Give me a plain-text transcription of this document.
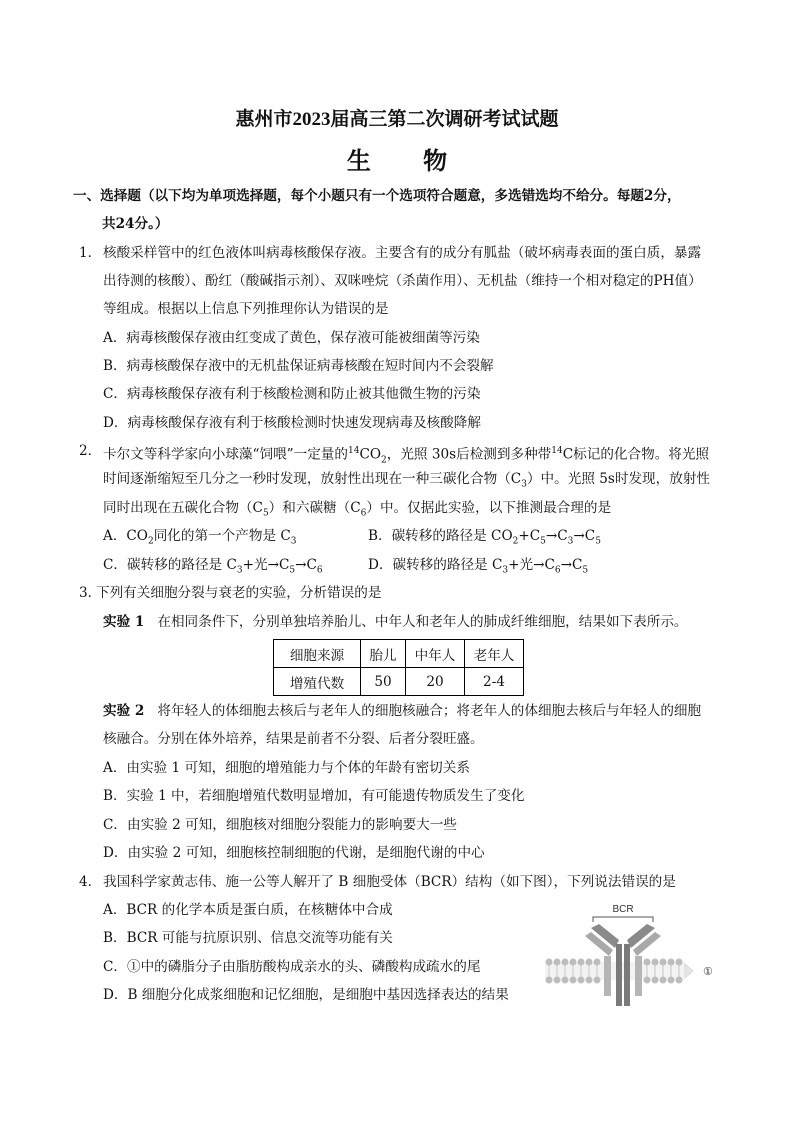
惠州市2023届高三第二次调研考试试题
生 物
一、选择题（以下均为单项选择题，每个小题只有一个选项符合题意，多选错选均不给分。每题2分，
共24分。）
1． 核酸采样管中的红色液体叫病毒核酸保存液。主要含有的成分有胍盐（破坏病毒表面的蛋白质，暴露
出待测的核酸）、酚红（酸碱指示剂）、双咪唑烷（杀菌作用）、无机盐（维持一个相对稳定的PH值）
等组成。根据以上信息下列推理你认为错误的是
A．病毒核酸保存液由红变成了黄色，保存液可能被细菌等污染
B．病毒核酸保存液中的无机盐保证病毒核酸在短时间内不会裂解
C．病毒核酸保存液有利于核酸检测和防止被其他微生物的污染
D．病毒核酸保存液有利于核酸检测时快速发现病毒及核酸降解
2． 卡尔文等科学家向小球藻“饲喂”一定量的$^{14}CO_2$，光照 30s后检测到多种带$^{14}$C标记的化合物。将光照
时间逐渐缩短至几分之一秒时发现，放射性出现在一种三碳化合物$(C_3)$中。光照 5s时发现，放射性
同时出现在五碳化合物$(C_5)$和六碳糖$(C_6)$中。仅据此实验，以下推测最合理的是
A．$CO_2$同化的第一个产物是 $C_3$	B．碳转移的路径是 $CO_2+C_5\to C_3\to C_5$
C．碳转移的路径是 $C_3+$光$\to C_5\to C_6$	D．碳转移的路径是 $C_3+$光$\to C_6\to C_5$
3．
下列有关细胞分裂与衰老的实验，分析错误的是
实验 1 在相同条件下，分别单独培养胎儿、中年人和老年人的肺成纤维细胞，结果如下表所示。
细胞来源	胎儿	中年人	老年人
增殖代数	50	20	2-4
实验 2 将年轻人的体细胞去核后与老年人的细胞核融合；将老年人的体细胞去核后与年轻人的细胞
核融合。分别在体外培养，结果是前者不分裂、后者分裂旺盛。
A．由实验 1 可知，细胞的增殖能力与个体的年龄有密切关系
B．实验 1 中，若细胞增殖代数明显增加，有可能遗传物质发生了变化
C．由实验 2 可知，细胞核对细胞分裂能力的影响要大一些
D．由实验 2 可知，细胞核控制细胞的代谢，是细胞代谢的中心
4． 我国科学家黄志伟、施一公等人解开了 B 细胞受体（BCR）结构（如下图），下列说法错误的是
A．BCR 的化学本质是蛋白质，在核糖体中合成
B．BCR 可能与抗原识别、信息交流等功能有关
C．①中的磷脂分子由脂肪酸构成亲水的头、磷酸构成疏水的尾
D．B 细胞分化成浆细胞和记忆细胞，是细胞中基因选择表达的结果
BCR
①
